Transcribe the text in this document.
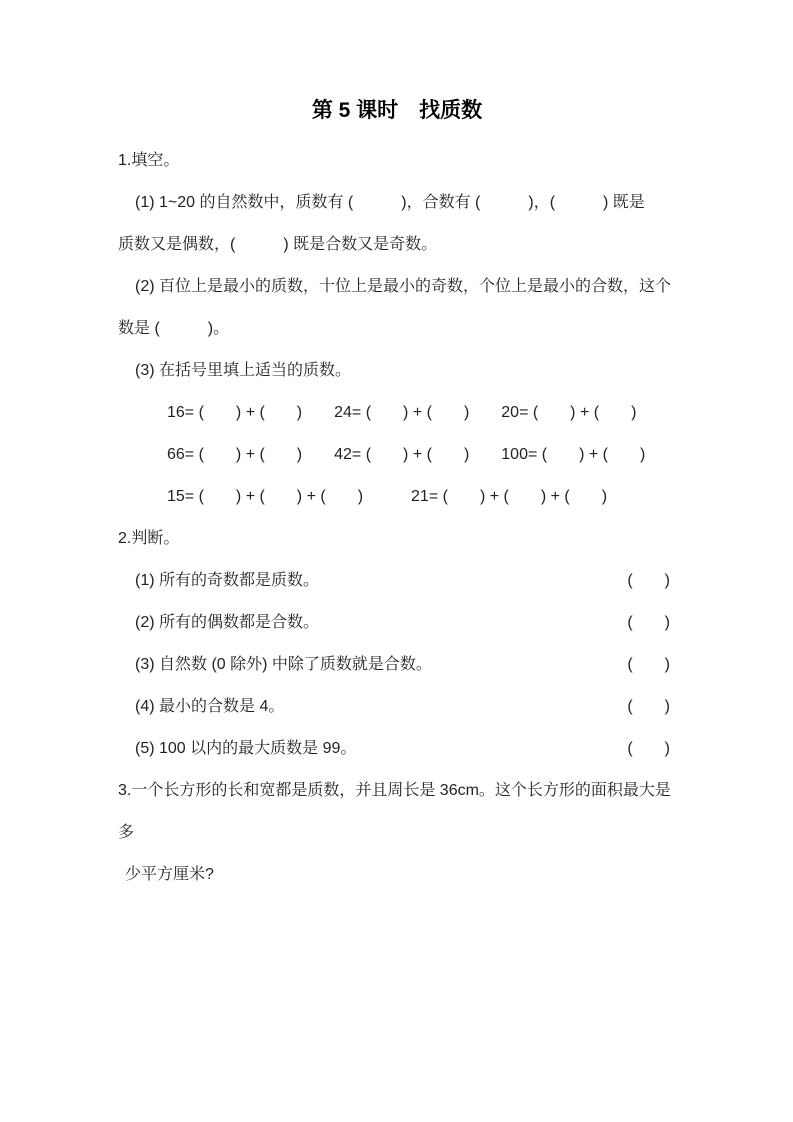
第 5 课时　找质数

1.填空。

(1) 1~20 的自然数中，质数有 (　　　)，合数有 (　　　)，(　　　) 既是

质数又是偶数，(　　　) 既是合数又是奇数。

(2) 百位上是最小的质数，十位上是最小的奇数，个位上是最小的合数，这个

数是 (　　　)。

(3) 在括号里填上适当的质数。

16= (　　) + (　　)　　24= (　　) + (　　)　　20= (　　) + (　　)

66= (　　) + (　　)　　42= (　　) + (　　)　　100= (　　) + (　　)

15= (　　) + (　　) + (　　)　　　21= (　　) + (　　) + (　　)

2.判断。

(1) 所有的奇数都是质数。	(　　)
(2) 所有的偶数都是合数。	(　　)
(3) 自然数 (0 除外) 中除了质数就是合数。	(　　)
(4) 最小的合数是 4。	(　　)
(5) 100 以内的最大质数是 99。	(　　)

3.一个长方形的长和宽都是质数，并且周长是 36cm。这个长方形的面积最大是

多

少平方厘米?
